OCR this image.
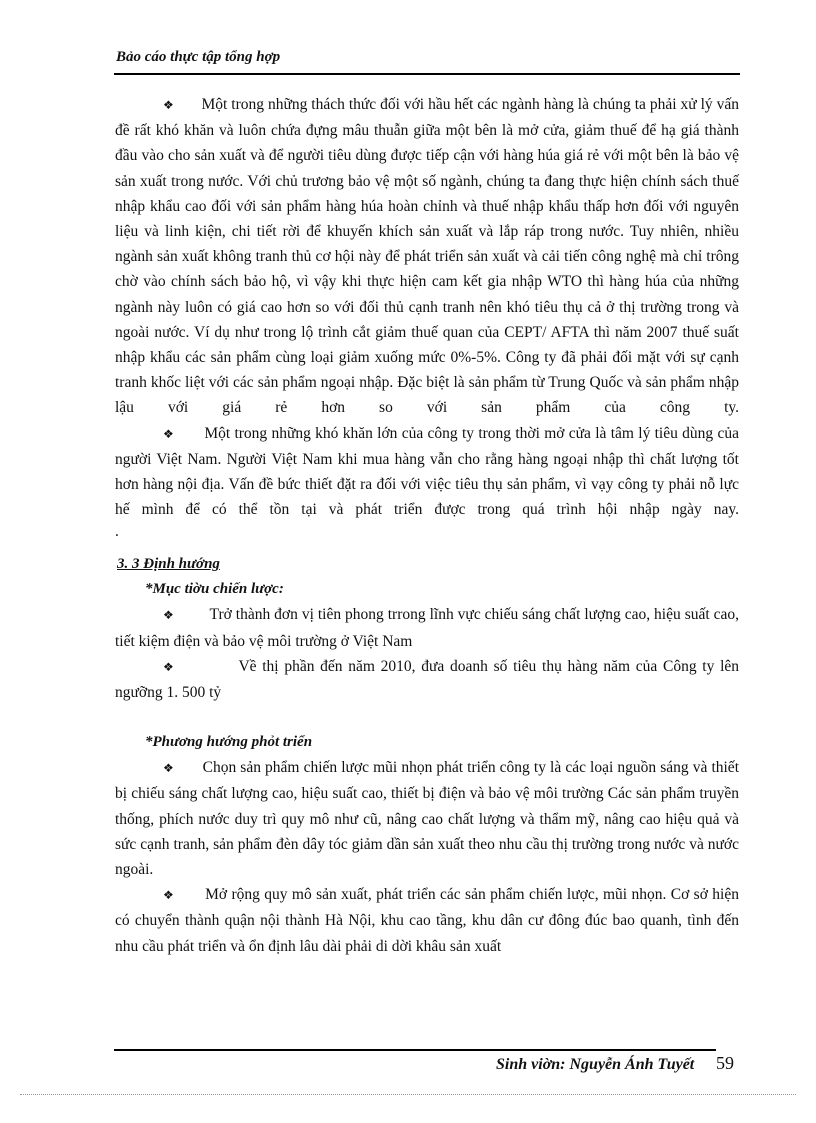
Bảo cáo thực tập tổng hợp

❖ Một trong những thách thức đối với hầu hết các ngành hàng là chúng ta phải xử lý vấn đề rất khó khăn và luôn chứa đựng mâu thuẫn giữa một bên là mở cửa, giảm thuế để hạ giá thành đầu vào cho sản xuất và để người tiêu dùng được tiếp cận với hàng húa giá rẻ với một bên là bảo vệ sản xuất trong nước. Với chủ trương bảo vệ một số ngành, chúng ta đang thực hiện chính sách thuế nhập khẩu cao đối với sản phẩm hàng húa hoàn chỉnh và thuế nhập khẩu thấp hơn đối với nguyên liệu và linh kiện, chi tiết rời để khuyến khích sản xuất và lắp ráp trong nước. Tuy nhiên, nhiều ngành sản xuất không tranh thủ cơ hội này để phát triển sản xuất và cải tiến công nghệ mà chỉ trông chờ vào chính sách bảo hộ, vì vậy khi thực hiện cam kết gia nhập WTO thì hàng húa của những ngành này luôn có giá cao hơn so với đối thủ cạnh tranh nên khó tiêu thụ cả ở thị trường trong và ngoài nước. Ví dụ như trong lộ trình cắt giảm thuế quan của CEPT/ AFTA thì năm 2007 thuế suất nhập khẩu các sản phẩm cùng loại giảm xuống mức 0%-5%. Công ty đã phải đối mặt với sự cạnh tranh khốc liệt với các sản phẩm ngoại nhập. Đặc biệt là sản phẩm từ Trung Quốc và sản phẩm nhập lậu với giá rẻ hơn so với sản phẩm của công ty.

❖ Một trong những khó khăn lớn của công ty trong thời mở cửa là tâm lý tiêu dùng của người Việt Nam. Người Việt Nam khi mua hàng vẫn cho rằng hàng ngoại nhập thì chất lượng tốt hơn hàng nội địa. Vấn đề bức thiết đặt ra đối với việc tiêu thụ sản phẩm, vì vạy công ty phải nỗ lực hế mình để có thể tồn tại và phát triển được trong quá trình hội nhập ngày nay.

.

3. 3 Định hướng
*Mục tiờu chiến lược:

❖ Trở thành đơn vị tiên phong trrong lĩnh vực chiếu sáng chất lượng cao, hiệu suất cao, tiết kiệm điện và bảo vệ môi trường ở Việt Nam

❖	Về thị phần đến năm 2010, đưa doanh số tiêu thụ hàng năm của Công ty lên ngưỡng 1. 500 tỷ

*Phương hướng phỏt triển

❖ Chọn sản phẩm chiến lược mũi nhọn phát triển công ty là các loại nguồn sáng và thiết bị chiếu sáng chất lượng cao, hiệu suất cao, thiết bị điện và bảo vệ môi trường Các sản phẩm truyền thống, phích nước duy trì quy mô như cũ, nâng cao chất lượng và thẩm mỹ, nâng cao hiệu quả và sức cạnh tranh, sản phẩm đèn dây tóc giảm dần sản xuất theo nhu cầu thị trường trong nước và nước ngoài.

❖ Mở rộng quy mô sản xuất, phát triển các sản phẩm chiến lược, mũi nhọn. Cơ sở hiện có chuyển thành quận nội thành Hà Nội, khu cao tầng, khu dân cư đông đúc bao quanh, tình đến nhu cầu phát triển và ổn định lâu dài phải di dời khâu sản xuất

Sinh viờn: Nguyễn Ánh Tuyết 59
